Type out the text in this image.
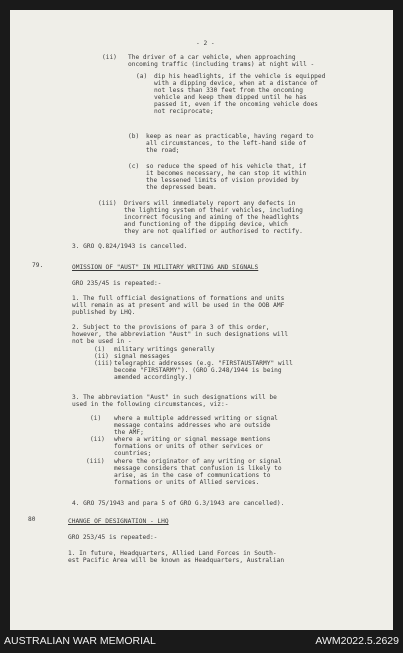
- 2 -

(ii) The driver of a car vehicle, when approaching

oncoming traffic (including trams) at night will -

(a) dip his headlights, if the vehicle is equipped

with a dipping device, when at a distance of

not less than 330 feet from the oncoming

vehicle and keep them dipped until he has

passed it, even if the oncoming vehicle does

not reciprocate;

(b) keep as near as practicable, having regard to

all circumstances, to the left-hand side of

the road;

(c) so reduce the speed of his vehicle that, if

it becomes necessary, he can stop it within

the lessened limits of vision provided by

the depressed beam.

(iii) Drivers will immediately report any defects in

the lighting system of their vehicles, including

incorrect focusing and aiming of the headlights

and functioning of the dipping device, which

they are not qualified or authorised to rectify.

3. GRO Q.824/1943 is cancelled.

79.	OMISSION OF "AUST" IN MILITARY WRITING AND SIGNALS

GRO 235/45 is repeated:-

1. The full official designations of formations and units

will remain as at present and will be used in the OOB AMF

published by LHQ.

2. Subject to the provisions of para 3 of this order,

however, the abbreviation "Aust" in such designations will

not be used in -

(i) military writings generally

(ii) signal messages

(iii) telegraphic addresses (e.g. "FIRSTAUSTARMY" will

become "FIRSTARMY"). (GRO G.248/1944 is being

amended accordingly.)

3. The abbreviation "Aust" in such designations will be

used in the following circumstances, viz:-

(i) where a multiple addressed writing or signal

message contains addresses who are outside

the AMF;

(ii) where a writing or signal message mentions

formations or units of other services or

countries;

(iii) where the originator of any writing or signal

message considers that confusion is likely to

arise, as in the case of communications to

formations or units of Allied services.

4. GRO 75/1943 and para 5 of GRO G.3/1943 are cancelled).

80	CHANGE OF DESIGNATION - LHQ

GRO 253/45 is repeated:-

1. In future, Headquarters, Allied Land Forces in South-

est Pacific Area will be known as Headquarters, Australian

AUSTRALIAN WAR MEMORIAL	AWM2022.5.2629
